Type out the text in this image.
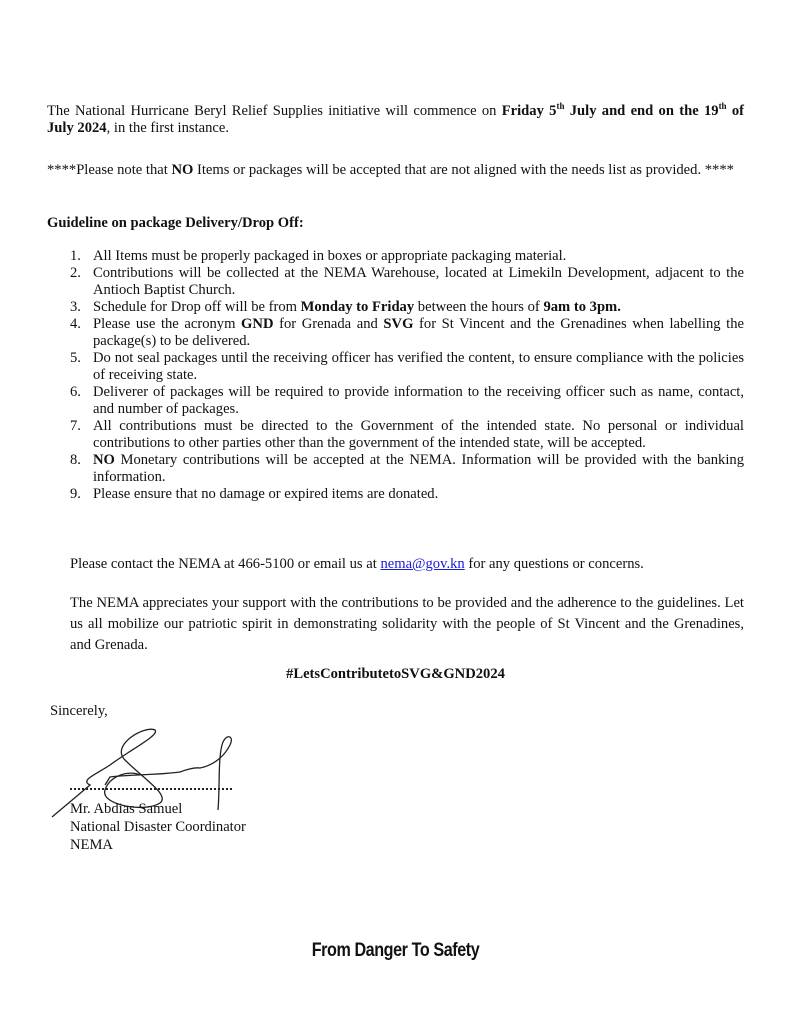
The National Hurricane Beryl Relief Supplies initiative will commence on Friday 5th July and end on the 19th of July 2024, in the first instance.

****Please note that NO Items or packages will be accepted that are not aligned with the needs list as provided. ****

Guideline on package Delivery/Drop Off:
1. All Items must be properly packaged in boxes or appropriate packaging material.
2. Contributions will be collected at the NEMA Warehouse, located at Limekiln Development, adjacent to the Antioch Baptist Church.
3. Schedule for Drop off will be from Monday to Friday between the hours of 9am to 3pm.
4. Please use the acronym GND for Grenada and SVG for St Vincent and the Grenadines when labelling the package(s) to be delivered.
5. Do not seal packages until the receiving officer has verified the content, to ensure compliance with the policies of receiving state.
6. Deliverer of packages will be required to provide information to the receiving officer such as name, contact, and number of packages.
7. All contributions must be directed to the Government of the intended state. No personal or individual contributions to other parties other than the government of the intended state, will be accepted.
8. NO Monetary contributions will be accepted at the NEMA. Information will be provided with the banking information.
9. Please ensure that no damage or expired items are donated.

Please contact the NEMA at 466-5100 or email us at nema@gov.kn for any questions or concerns.

The NEMA appreciates your support with the contributions to be provided and the adherence to the guidelines. Let us all mobilize our patriotic spirit in demonstrating solidarity with the people of St Vincent and the Grenadines, and Grenada.

#LetsContributetoSVG&GND2024
Sincerely,
Mr. Abdias Samuel
National Disaster Coordinator
NEMA
From Danger To Safety
